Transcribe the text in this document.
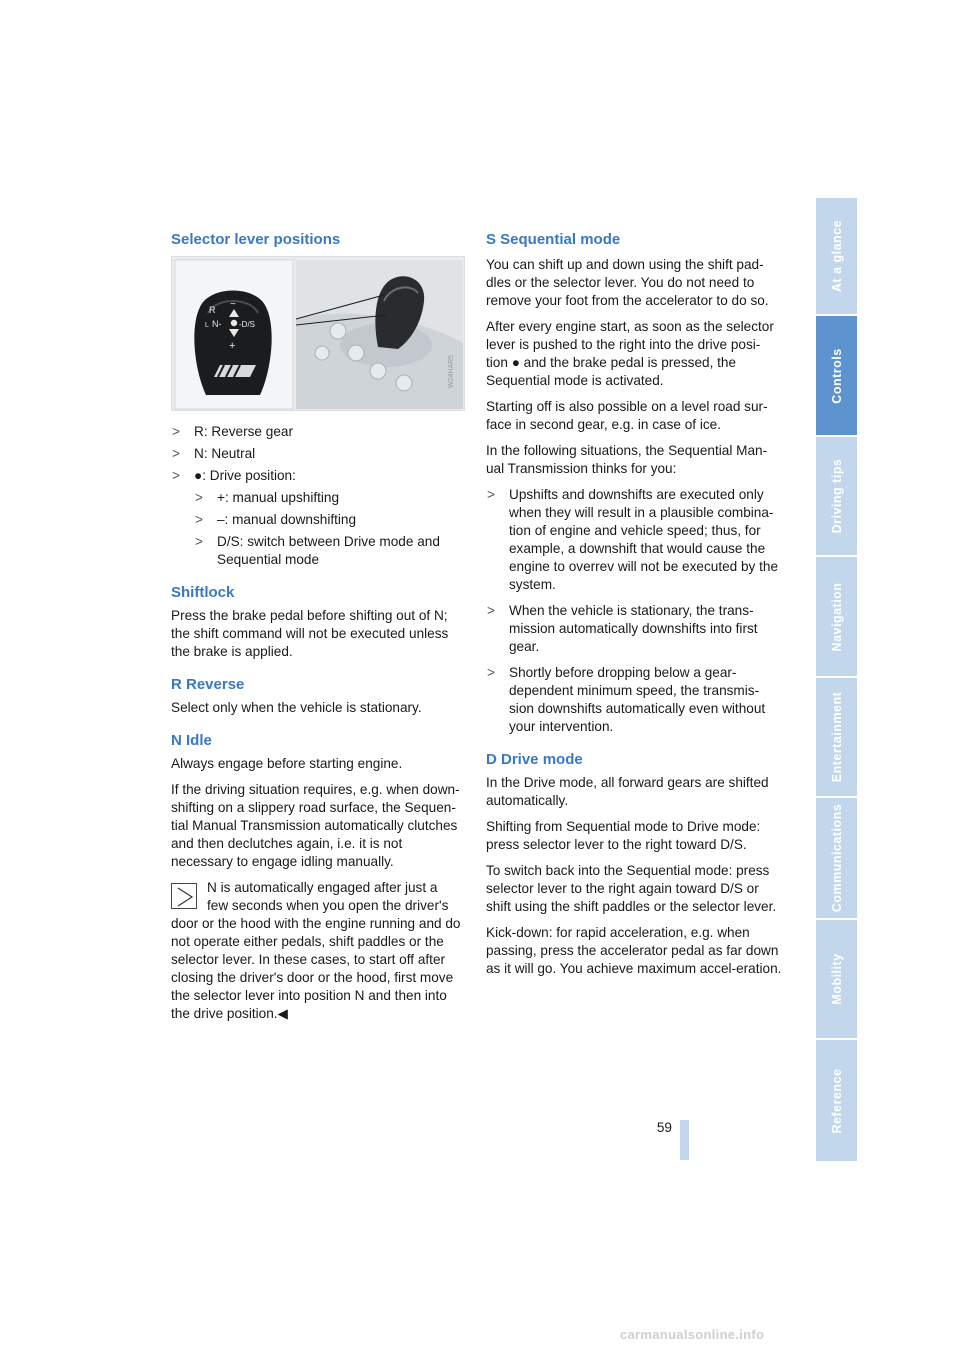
Selector lever positions
R
L N- -D/S
−
+
> R: Reverse gear
> N: Neutral
> ●: Drive position:
> +: manual upshifting
> –: manual downshifting
> D/S: switch between Drive mode and Sequential mode
Shiftlock

Press the brake pedal before shifting out of N; the shift command will not be executed unless the brake is applied.

R Reverse

Select only when the vehicle is stationary.

N Idle

Always engage before starting engine.

If the driving situation requires, e.g. when down-shifting on a slippery road surface, the Sequen-tial Manual Transmission automatically clutches and then declutches again, i.e. it is not necessary to engage idling manually.

N is automatically engaged after just a
few seconds when you open the driver's
door or the hood with the engine running and do not operate either pedals, shift paddles or the selector lever. In these cases, to start off after closing the driver's door or the hood, first move the selector lever into position N and then into the drive position.◀
W24HAR5
S Sequential mode

You can shift up and down using the shift pad-dles or the selector lever. You do not need to remove your foot from the accelerator to do so.

After every engine start, as soon as the selector lever is pushed to the right into the drive posi-tion ● and the brake pedal is pressed, the Sequential mode is activated.

Starting off is also possible on a level road sur-face in second gear, e.g. in case of ice.

In the following situations, the Sequential Man-ual Transmission thinks for you:

> Upshifts and downshifts are executed only when they will result in a plausible combina-tion of engine and vehicle speed; thus, for example, a downshift that would cause the engine to overrev will not be executed by the system.
> When the vehicle is stationary, the trans-mission automatically downshifts into first gear.
> Shortly before dropping below a gear-dependent minimum speed, the transmis-sion downshifts automatically even without your intervention.
D Drive mode

In the Drive mode, all forward gears are shifted automatically.

Shifting from Sequential mode to Drive mode: press selector lever to the right toward D/S.

To switch back into the Sequential mode: press selector lever to the right again toward D/S or shift using the shift paddles or the selector lever.

Kick-down: for rapid acceleration, e.g. when passing, press the accelerator pedal as far down as it will go. You achieve maximum accel-eration.

At a glance
Controls
Driving tips
Navigation
Entertainment
Communications
Mobility
Reference
59
carmanualsonline.info
